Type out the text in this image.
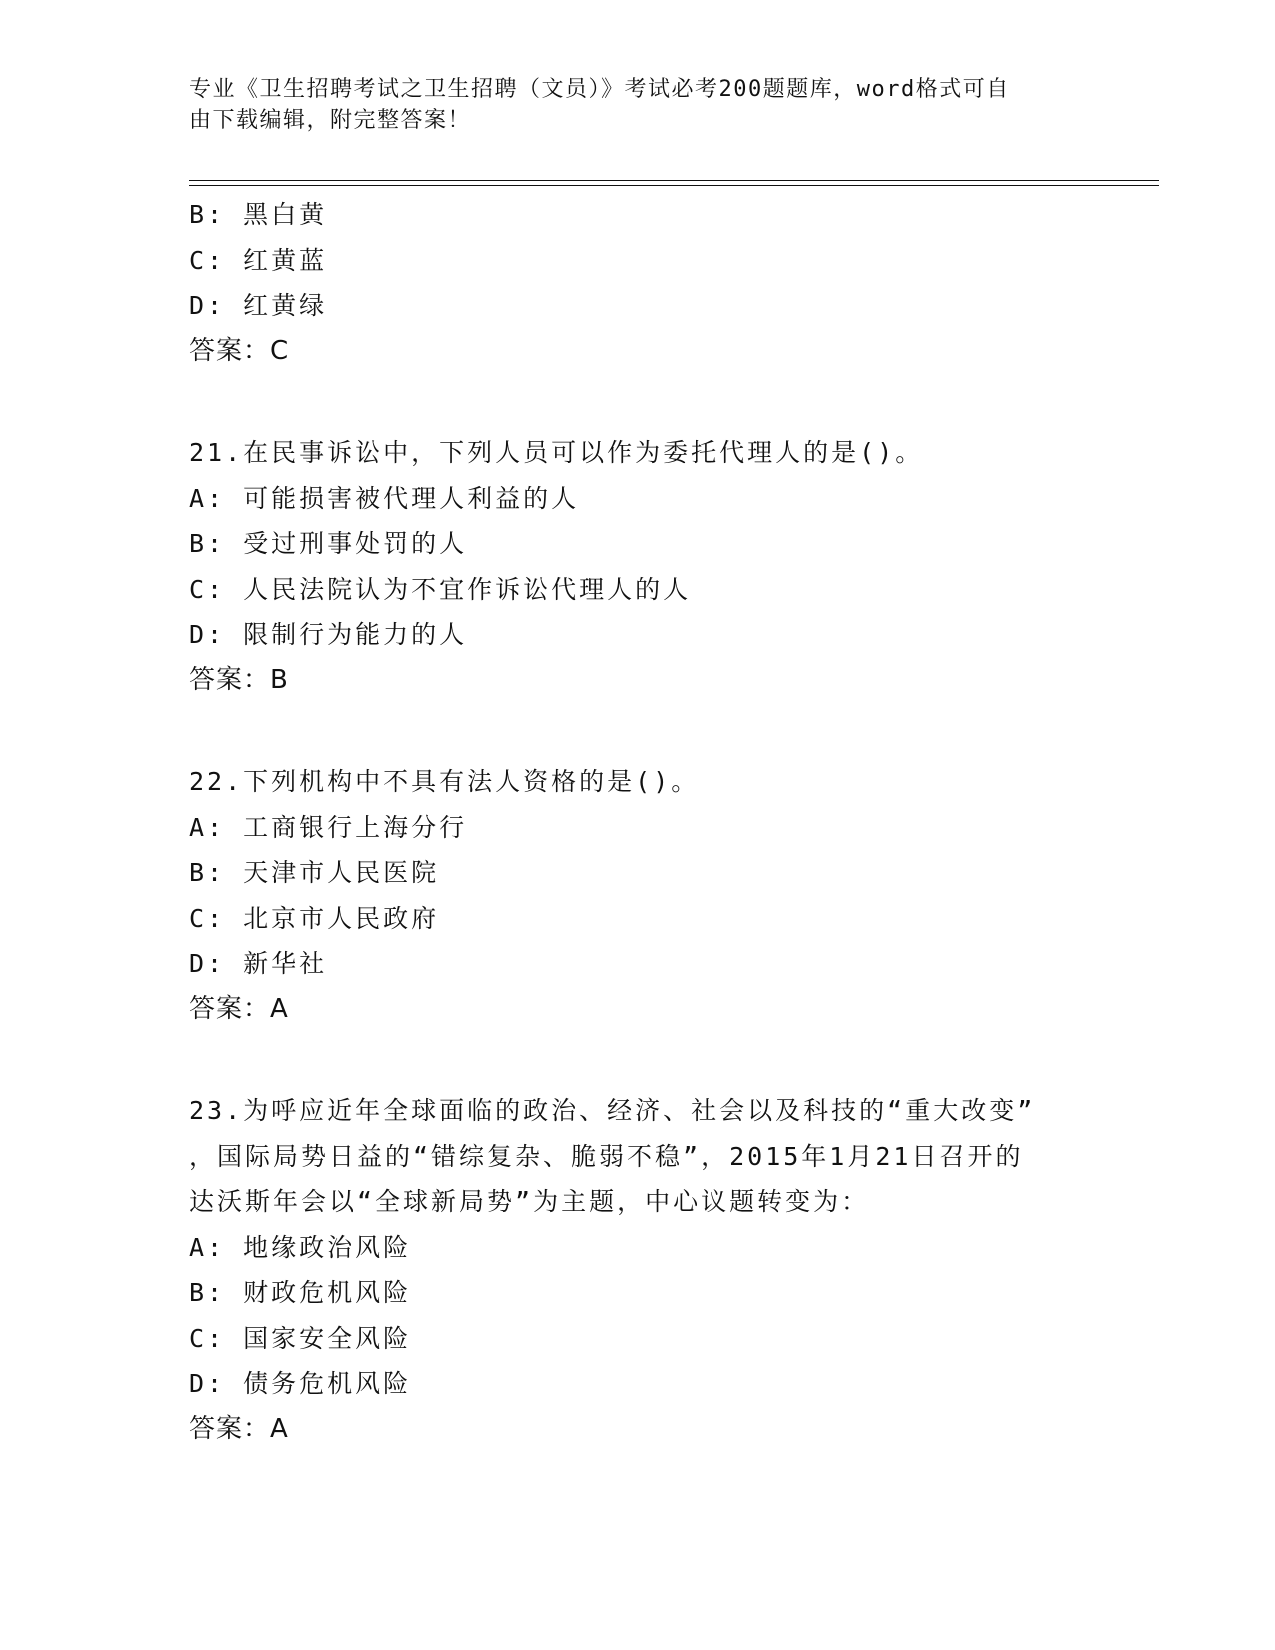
专业《卫生招聘考试之卫生招聘（文员）》考试必考200题题库，word格式可自
由下载编辑，附完整答案！
B: 黑白黄
C: 红黄蓝
D: 红黄绿
答案：C
21.在民事诉讼中，下列人员可以作为委托代理人的是()。
A: 可能损害被代理人利益的人
B: 受过刑事处罚的人
C: 人民法院认为不宜作诉讼代理人的人
D: 限制行为能力的人
答案：B
22.下列机构中不具有法人资格的是()。
A: 工商银行上海分行
B: 天津市人民医院
C: 北京市人民政府
D: 新华社
答案：A
23.为呼应近年全球面临的政治、经济、社会以及科技的“重大改变”
，国际局势日益的“错综复杂、脆弱不稳”，2015年1月21日召开的
达沃斯年会以“全球新局势”为主题，中心议题转变为：
A: 地缘政治风险
B: 财政危机风险
C: 国家安全风险
D: 债务危机风险
答案：A
